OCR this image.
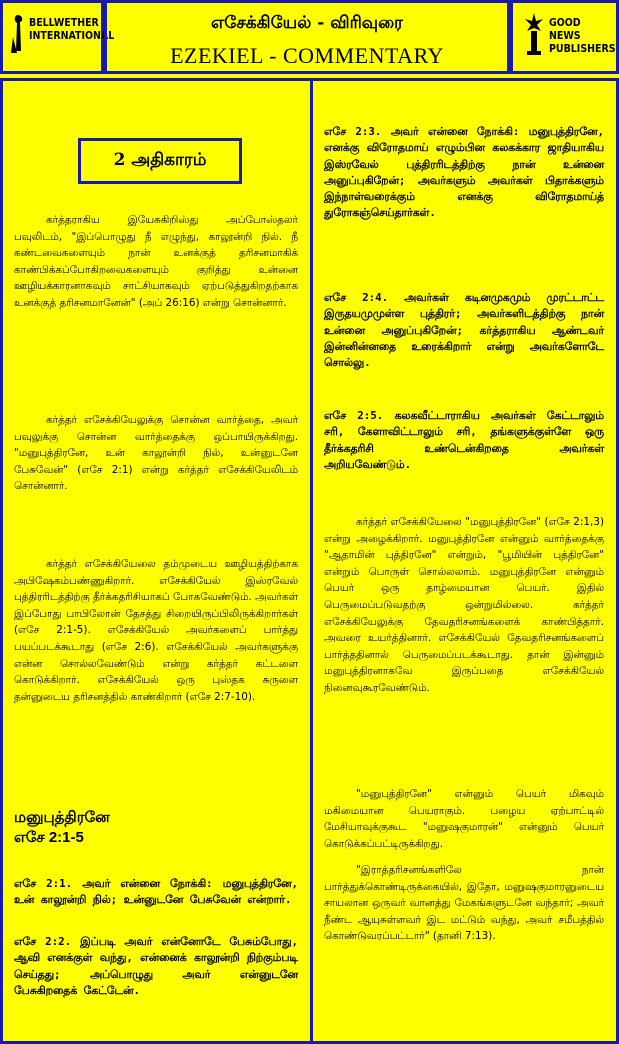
BELLWETHER INTERNATIONAL
எசேக்கியேல் - விரிவுரை
EZEKIEL - COMMENTARY
GOOD NEWS PUBLISHERS
2 அதிகாரம்
கர்த்தராகிய இயேசுகிறிஸ்து அப்போஸ்தலர் பவுலிடம், "இப்பொழுது நீ எழுந்து, காலூன்றி நில். நீ கண்டவைகளையும் நான் உனக்குத் தரிசனமாகிக் காண்பிக்கப்போகிறவைகளையும் குறித்து உன்னை ஊழியக்காரனாகவும் சாட்சியாகவும் ஏற்படுத்துகிறதற்காக உனக்குத் தரிசனமானேன்" (அப் 26:16) என்று சொன்னார்.
கர்த்தர் எசேக்கியேலுக்கு சொன்ன வார்த்தை, அவர் பவுலுக்கு சொன்ன வார்த்தைக்கு ஒப்பாயிருக்கிறது. "மனுபுத்திரனே, உன் காலூன்றி நில், உன்னுடனே பேசுவேன்" (எசே 2:1) என்று கர்த்தர் எசேக்கியேலிடம் சொன்னார்.
கர்த்தர் எசேக்கியேலை தம்முடைய ஊழியத்திற்காக அபிஷேகம்பண்ணுகிறார். எசேக்கியேல் இஸ்ரவேல் புத்திரரிடத்திற்கு தீர்க்கதரிசியாகப் போகவேண்டும். அவர்கள் இப்போது பாபிலோன் தேசத்து சிறையிருப்பிலிருக்கிறார்கள் (எசே 2:1-5). எசேக்கியேல் அவர்களைப் பார்த்து பயப்படக்கூடாது (எசே 2:6). எசேக்கியேல் அவர்களுக்கு என்ன சொல்லவேண்டும் என்று கர்த்தர் கட்டளை கொடுக்கிறார். எசேக்கியேல் ஒரு புஸ்தக சுருளை தன்னுடைய தரிசனத்தில் காண்கிறார் (எசே 2:7-10).
மனுபுத்திரனே
எசே 2:1-5
எசே 2:1. அவர் என்னை நோக்கி: மனுபுத்திரனே, உன் காலூன்றி நில்; உன்னுடனே பேசுவேன் என்றார்.
எசே 2:2. இப்படி அவர் என்னோடே பேசும்போது, ஆவி எனக்குள் வந்து, என்னைக் காலூன்றி நிற்கும்படி செய்தது; அப்பொழுது அவர் என்னுடனே பேசுகிறதைக் கேட்டேன்.
எசே 2:3. அவர் என்னை நோக்கி: மனுபுத்திரனே, எனக்கு விரோதமாய் எழும்பின கலகக்கார ஜாதியாகிய இஸ்ரவேல் புத்திரரிடத்திற்கு நான் உன்னை அனுப்புகிறேன்; அவர்களும் அவர்கள் பிதாக்களும் இந்நாள்வரைக்கும் எனக்கு விரோதமாய்த் துரோகஞ்செய்தார்கள்.
எசே 2:4. அவர்கள் கடினமுகமும் முரட்டாட்ட இருதயமுமுள்ள புத்திரர்; அவர்களிடத்திற்கு நான் உன்னை அனுப்புகிறேன்; கர்த்தராகிய ஆண்டவர் இன்னின்னதை உரைக்கிறார் என்று அவர்களோடே சொல்லு.
எசே 2:5. கலகவீட்டாராகிய அவர்கள் கேட்டாலும் சரி, கேளாவிட்டாலும் சரி, தங்களுக்குள்ளே ஒரு தீர்க்கதரிசி உண்டென்கிறதை அவர்கள் அறியவேண்டும்.
கர்த்தர் எசேக்கியேலை "மனுபுத்திரனே" (எசே 2:1,3) என்று அழைக்கிறார். மனுபுத்திரனே என்னும் வார்த்தைக்கு "ஆதாமின் புத்திரனே" என்றும், "பூமியின் புத்திரனே" என்றும் பொருள் சொல்லலாம். மனுபுத்திரனே என்னும் பெயர் ஒரு தாழ்மையான பெயர். இதில் பெருமைப்படுவதற்கு ஒன்றுமில்லை. கர்த்தர் எசேக்கியேலுக்கு தேவதரிசனங்களைக் காண்பித்தார். அவரை உயர்த்தினார். எசேக்கியேல் தேவதரிசனங்களைப் பார்த்ததினால் பெருமைப்படக்கூடாது. தான் இன்னும் மனுபுத்திரனாகவே இருப்பதை எசேக்கியேல் நினைவுகூரவேண்டும்.
"மனுபுத்திரனே" என்னும் பெயர் மிகவும் மகிமையான பெயராகும். பழைய ஏற்பாட்டில் மேசியாவுக்குகூட "மனுஷகுமாரன்" என்னும் பெயர் கொடுக்கப்பட்டிருக்கிறது.
"இராத்தரிசனங்களிலே நான் பார்த்துக்கொண்டிருக்கையில், இதோ, மனுஷகுமாரனுடைய சாயலான ஒருவர் வானத்து மேகங்களுடனே வந்தார்; அவர் நீண்ட ஆயுசுள்ளவர் இட மட்டும் வந்து, அவர் சமீபத்தில் கொண்டுவரப்பட்டார்" (தானி 7:13).
